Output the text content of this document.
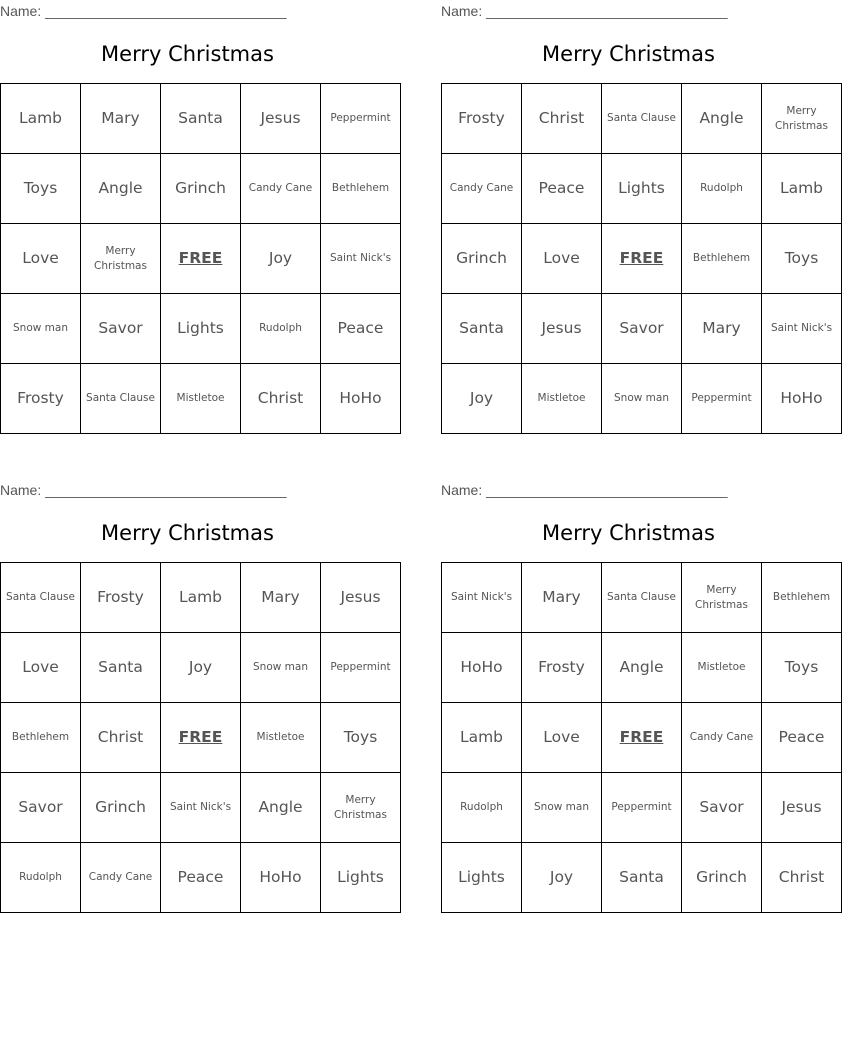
Name: _______________________________
Merry Christmas
Lamb	Mary	Santa	Jesus	Peppermint
Toys	Angle	Grinch	Candy Cane	Bethlehem
Love	Merry Christmas	FREE	Joy	Saint Nick's
Snow man	Savor	Lights	Rudolph	Peace
Frosty	Santa Clause	Mistletoe	Christ	HoHo
Name: _______________________________
Merry Christmas
Frosty	Christ	Santa Clause	Angle	Merry Christmas
Candy Cane	Peace	Lights	Rudolph	Lamb
Grinch	Love	FREE	Bethlehem	Toys
Santa	Jesus	Savor	Mary	Saint Nick's
Joy	Mistletoe	Snow man	Peppermint	HoHo
Name: _______________________________
Merry Christmas
Santa Clause	Frosty	Lamb	Mary	Jesus
Love	Santa	Joy	Snow man	Peppermint
Bethlehem	Christ	FREE	Mistletoe	Toys
Savor	Grinch	Saint Nick's	Angle	Merry Christmas
Rudolph	Candy Cane	Peace	HoHo	Lights
Name: _______________________________
Merry Christmas
Saint Nick's	Mary	Santa Clause	Merry Christmas	Bethlehem
HoHo	Frosty	Angle	Mistletoe	Toys
Lamb	Love	FREE	Candy Cane	Peace
Rudolph	Snow man	Peppermint	Savor	Jesus
Lights	Joy	Santa	Grinch	Christ
